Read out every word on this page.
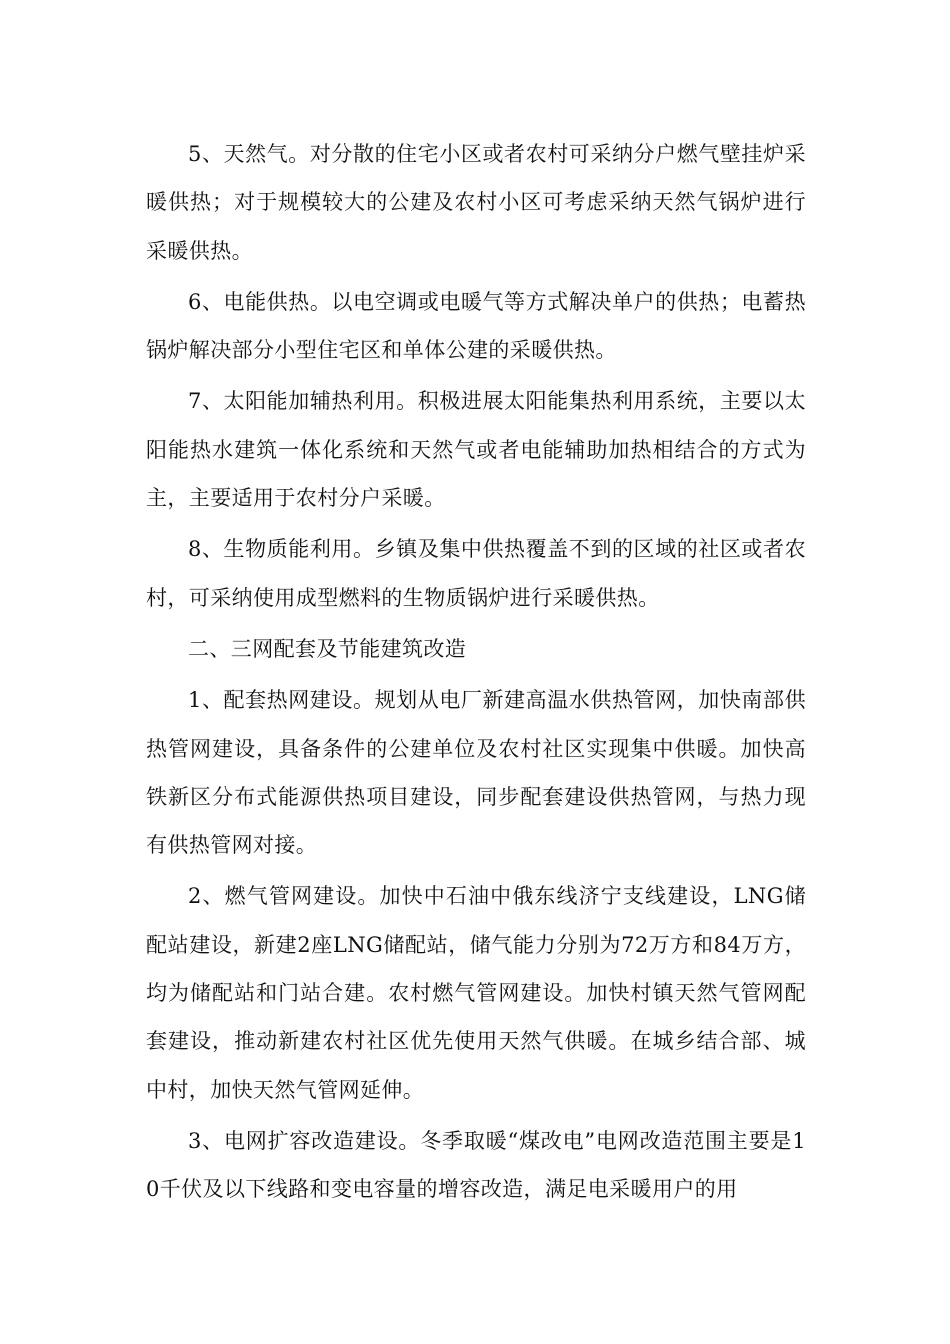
5、天然气。对分散的住宅小区或者农村可采纳分户燃气壁挂炉采暖供热；对于规模较大的公建及农村小区可考虑采纳天然气锅炉进行采暖供热。

6、电能供热。以电空调或电暖气等方式解决单户的供热；电蓄热锅炉解决部分小型住宅区和单体公建的采暖供热。

7、太阳能加辅热利用。积极进展太阳能集热利用系统，主要以太阳能热水建筑一体化系统和天然气或者电能辅助加热相结合的方式为主，主要适用于农村分户采暖。

8、生物质能利用。乡镇及集中供热覆盖不到的区域的社区或者农村，可采纳使用成型燃料的生物质锅炉进行采暖供热。

二、三网配套及节能建筑改造

1、配套热网建设。规划从电厂新建高温水供热管网，加快南部供热管网建设，具备条件的公建单位及农村社区实现集中供暖。加快高铁新区分布式能源供热项目建设，同步配套建设供热管网，与热力现有供热管网对接。

2、燃气管网建设。加快中石油中俄东线济宁支线建设，LNG储配站建设，新建2座LNG储配站，储气能力分别为72万方和84万方，均为储配站和门站合建。农村燃气管网建设。加快村镇天然气管网配套建设，推动新建农村社区优先使用天然气供暖。在城乡结合部、城中村，加快天然气管网延伸。

3、电网扩容改造建设。冬季取暖“煤改电”电网改造范围主要是10千伏及以下线路和变电容量的增容改造，满足电采暖用户的用
